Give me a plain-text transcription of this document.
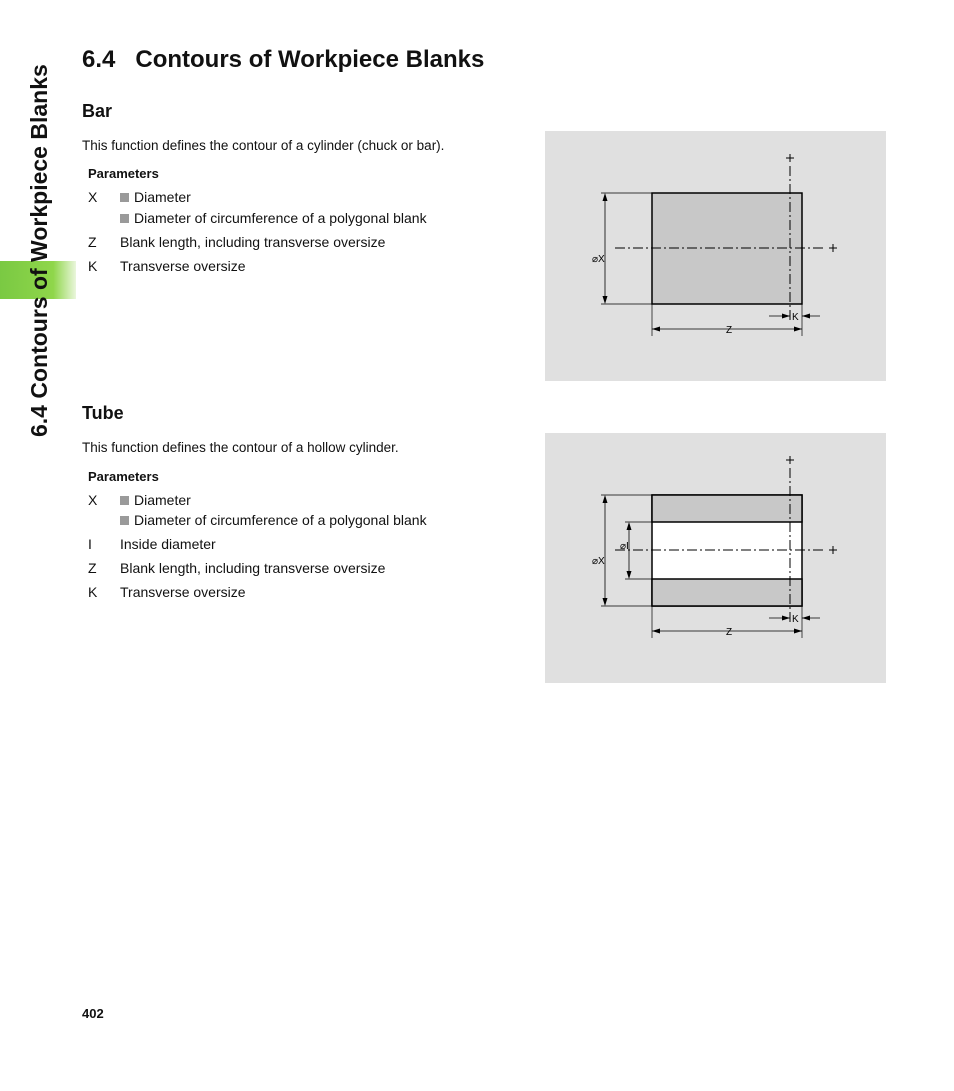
6.4 Contours of Workpiece Blanks
6.4 Contours of Workpiece Blanks
Bar
This function defines the contour of a cylinder (chuck or bar).
Parameters
X	Diameter
Diameter of circumference of a polygonal blank
Z	Blank length, including transverse oversize
K	Transverse oversize	⌀X
Z
K
Tube
This function defines the contour of a hollow cylinder.
Parameters
X	Diameter
Diameter of circumference of a polygonal blank
I	Inside diameter
Z	Blank length, including transverse oversize
K	Transverse oversize
⌀X
⌀I
Z
K
402
